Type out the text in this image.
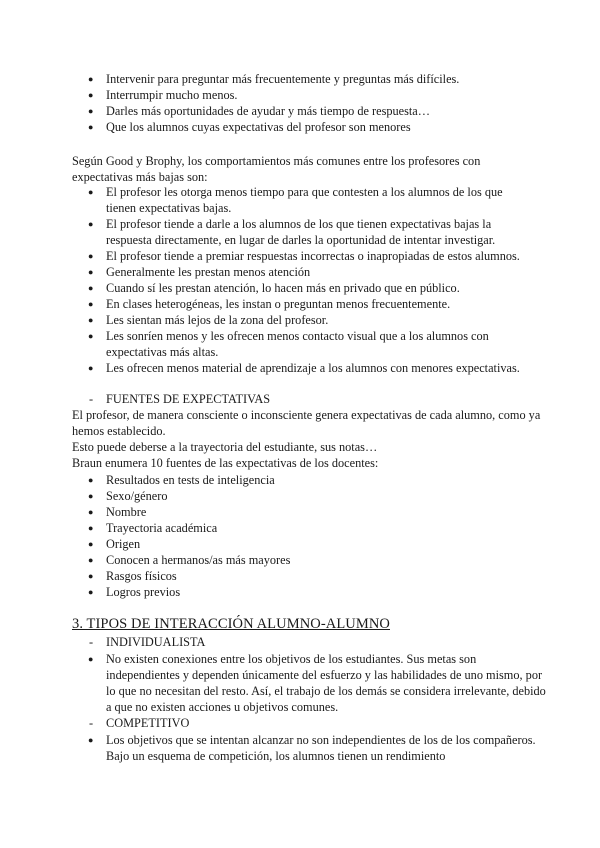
● Intervenir para preguntar más frecuentemente y preguntas más difíciles.
● Interrumpir mucho menos.
● Darles más oportunidades de ayudar y más tiempo de respuesta…
● Que los alumnos cuyas expectativas del profesor son menores
Según Good y Brophy, los comportamientos más comunes entre los profesores con expectativas más bajas son:
● El profesor les otorga menos tiempo para que contesten a los alumnos de los que tienen expectativas bajas.
● El profesor tiende a darle a los alumnos de los que tienen expectativas bajas la respuesta directamente, en lugar de darles la oportunidad de intentar investigar.
● El profesor tiende a premiar respuestas incorrectas o inapropiadas de estos alumnos.
● Generalmente les prestan menos atención
● Cuando sí les prestan atención, lo hacen más en privado que en público.
● En clases heterogéneas, les instan o preguntan menos frecuentemente.
● Les sientan más lejos de la zona del profesor.
● Les sonríen menos y les ofrecen menos contacto visual que a los alumnos con expectativas más altas.
● Les ofrecen menos material de aprendizaje a los alumnos con menores expectativas.
- FUENTES DE EXPECTATIVAS
El profesor, de manera consciente o inconsciente genera expectativas de cada alumno, como ya hemos establecido.
Esto puede deberse a la trayectoria del estudiante, sus notas…
Braun enumera 10 fuentes de las expectativas de los docentes:
● Resultados en tests de inteligencia
● Sexo/género
● Nombre
● Trayectoria académica
● Origen
● Conocen a hermanos/as más mayores
● Rasgos físicos
● Logros previos
3. TIPOS DE INTERACCIÓN ALUMNO-ALUMNO
- INDIVIDUALISTA
● No existen conexiones entre los objetivos de los estudiantes. Sus metas son independientes y dependen únicamente del esfuerzo y las habilidades de uno mismo, por lo que no necesitan del resto. Así, el trabajo de los demás se considera irrelevante, debido a que no existen acciones u objetivos comunes.
- COMPETITIVO
● Los objetivos que se intentan alcanzar no son independientes de los de los compañeros. Bajo un esquema de competición, los alumnos tienen un rendimiento
